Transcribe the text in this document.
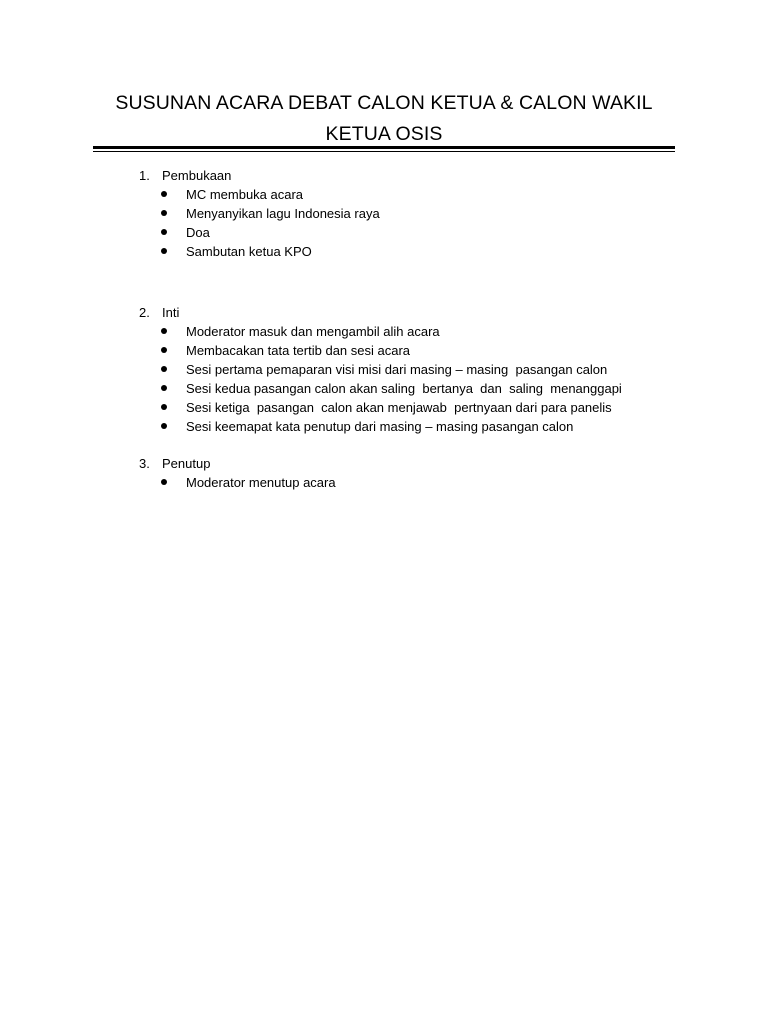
SUSUNAN ACARA DEBAT CALON KETUA & CALON WAKIL
KETUA OSIS
1. Pembukaan
MC membuka acara
Menyanyikan lagu Indonesia raya
Doa
Sambutan ketua KPO
2. Inti
Moderator masuk dan mengambil alih acara
Membacakan tata tertib dan sesi acara
Sesi pertama pemaparan visi misi dari masing – masing  pasangan calon
Sesi kedua pasangan calon akan saling  bertanya  dan  saling  menanggapi
Sesi ketiga  pasangan  calon akan menjawab  pertnyaan dari para panelis
Sesi keemapat kata penutup dari masing – masing pasangan calon
3. Penutup
Moderator menutup acara
